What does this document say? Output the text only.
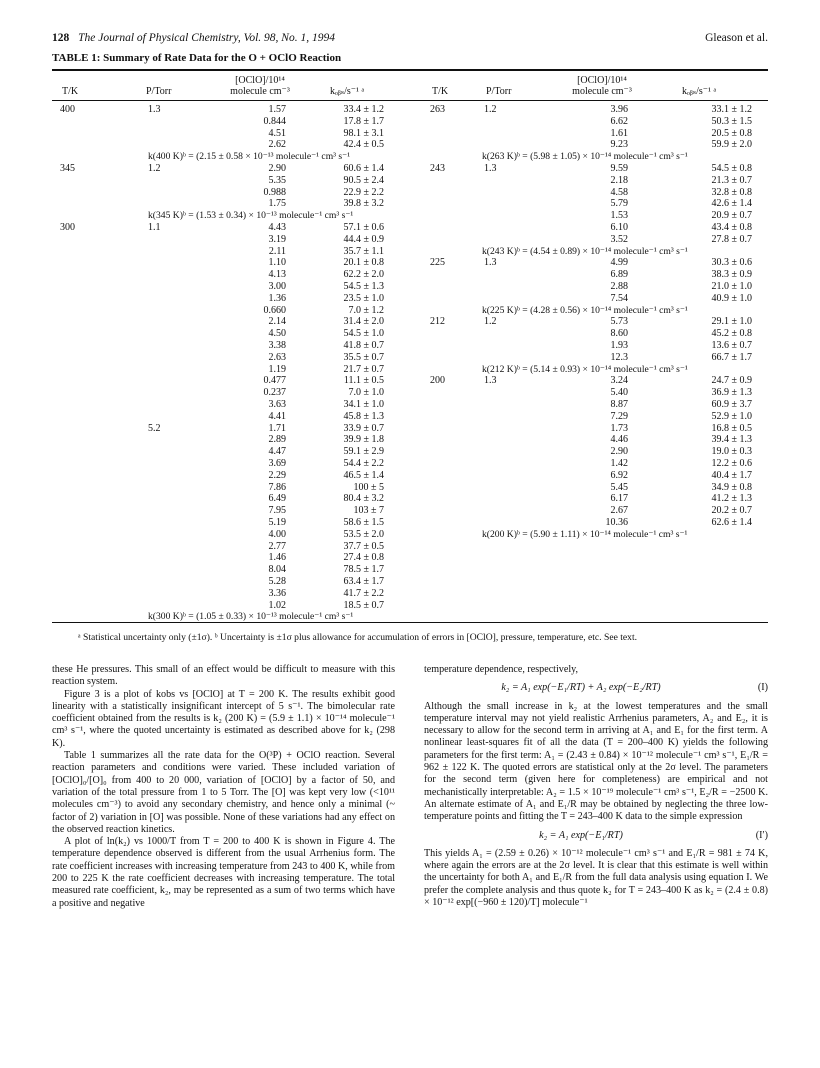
128 The Journal of Physical Chemistry, Vol. 98, No. 1, 1994	Gleason et al.
TABLE 1: Summary of Rate Data for the O + OClO Reaction
T/K	P/Torr
[OClO]/10¹⁴ molecule cm⁻³	kₒᵦₛ/s⁻¹ ᵃ	T/K	P/Torr
[OClO]/10¹⁴ molecule cm⁻³	kₒᵦₛ/s⁻¹ ᵃ
400	1.3	1.57	33.4 ± 1.2
0.844	17.8 ± 1.7
4.51	98.1 ± 3.1
2.62	42.4 ± 0.5
k(400 K)ᵇ = (2.15 ± 0.58 × 10⁻¹³ molecule⁻¹ cm³ s⁻¹
345	1.2	2.90	60.6 ± 1.4
5.35	90.5 ± 2.4
0.988	22.9 ± 2.2
1.75	39.8 ± 3.2
k(345 K)ᵇ = (1.53 ± 0.34) × 10⁻¹³ molecule⁻¹ cm³ s⁻¹
300	1.1	4.43	57.1 ± 0.6
3.19	44.4 ± 0.9
2.11	35.7 ± 1.1
1.10	20.1 ± 0.8
4.13	62.2 ± 2.0
3.00	54.5 ± 1.3
1.36	23.5 ± 1.0
0.660	7.0 ± 1.2
2.14	31.4 ± 2.0
4.50	54.5 ± 1.0
3.38	41.8 ± 0.7
2.63	35.5 ± 0.7
1.19	21.7 ± 0.7
0.477	11.1 ± 0.5
0.237	7.0 ± 1.0
3.63	34.1 ± 1.0
4.41	45.8 ± 1.3
5.2	1.71	33.9 ± 0.7
2.89	39.9 ± 1.8
4.47	59.1 ± 2.9
3.69	54.4 ± 2.2
2.29	46.5 ± 1.4
7.86	100 ± 5
6.49	80.4 ± 3.2
7.95	103 ± 7
5.19	58.6 ± 1.5
4.00	53.5 ± 2.0
2.77	37.7 ± 0.5
1.46	27.4 ± 0.8
8.04	78.5 ± 1.7
5.28	63.4 ± 1.7
3.36	41.7 ± 2.2
1.02	18.5 ± 0.7
k(300 K)ᵇ = (1.05 ± 0.33) × 10⁻¹³ molecule⁻¹ cm³ s⁻¹
263	1.2	3.96	33.1 ± 1.2
6.62	50.3 ± 1.5
1.61	20.5 ± 0.8
9.23	59.9 ± 2.0
k(263 K)ᵇ = (5.98 ± 1.05) × 10⁻¹⁴ molecule⁻¹ cm³ s⁻¹
243	1.3	9.59	54.5 ± 0.8
2.18	21.3 ± 0.7
4.58	32.8 ± 0.8
5.79	42.6 ± 1.4
1.53	20.9 ± 0.7
6.10	43.4 ± 0.8
3.52	27.8 ± 0.7
k(243 K)ᵇ = (4.54 ± 0.89) × 10⁻¹⁴ molecule⁻¹ cm³ s⁻¹
225	1.3	4.99	30.3 ± 0.6
6.89	38.3 ± 0.9
2.88	21.0 ± 1.0
7.54	40.9 ± 1.0
k(225 K)ᵇ = (4.28 ± 0.56) × 10⁻¹⁴ molecule⁻¹ cm³ s⁻¹
212	1.2	5.73	29.1 ± 1.0
8.60	45.2 ± 0.8
1.93	13.6 ± 0.7
12.3	66.7 ± 1.7
k(212 K)ᵇ = (5.14 ± 0.93) × 10⁻¹⁴ molecule⁻¹ cm³ s⁻¹
200	1.3	3.24	24.7 ± 0.9
5.40	36.9 ± 1.3
8.87	60.9 ± 3.7
7.29	52.9 ± 1.0
1.73	16.8 ± 0.5
4.46	39.4 ± 1.3
2.90	19.0 ± 0.3
1.42	12.2 ± 0.6
6.92	40.4 ± 1.7
5.45	34.9 ± 0.8
6.17	41.2 ± 1.3
2.67	20.2 ± 0.7
10.36	62.6 ± 1.4
k(200 K)ᵇ = (5.90 ± 1.11) × 10⁻¹⁴ molecule⁻¹ cm³ s⁻¹
ᵃ Statistical uncertainty only (±1σ). ᵇ Uncertainty is ±1σ plus allowance for accumulation of errors in [OClO], pressure, temperature, etc. See text.

these He pressures. This small of an effect would be difficult to measure with this reaction system.

Figure 3 is a plot of kobs vs [OClO] at T = 200 K. The results exhibit good linearity with a statistically insignificant intercept of 5 s⁻¹. The bimolecular rate coefficient obtained from the results is k₂ (200 K) = (5.9 ± 1.1) × 10⁻¹⁴ molecule⁻¹ cm³ s⁻¹, where the quoted uncertainty is estimated as described above for k₂ (298 K).

Table 1 summarizes all the rate data for the O(³P) + OClO reaction. Several reaction parameters and conditions were varied. These included variation of [OClO]₀/[O]₀ from 400 to 20 000, variation of [OClO] by a factor of 50, and variation of the total pressure from 1 to 5 Torr. The [O] was kept very low (<10¹¹ molecules cm⁻³) to avoid any secondary chemistry, and hence only a minimal (~ factor of 2) variation in [O] was possible. None of these variations had any effect on the observed reaction kinetics.

A plot of ln(k₂) vs 1000/T from T = 200 to 400 K is shown in Figure 4. The temperature dependence observed is different from the usual Arrhenius form. The rate coefficient increases with increasing temperature from 243 to 400 K, while from 200 to 225 K the rate coefficient decreases with increasing temperature. The total measured rate coefficient, k₂, may be represented as a sum of two terms which have a positive and negative

temperature dependence, respectively,

k₂ = A₁ exp(−E₁/RT) + A₂ exp(−E₂/RT)	(I)

Although the small increase in k₂ at the lowest temperatures and the small temperature interval may not yield realistic Arrhenius parameters, A₂ and E₂, it is necessary to allow for the second term in arriving at A₁ and E₁ for the first term. A nonlinear least-squares fit of all the data (T = 200–400 K) yields the following parameters for the first term: A₁ = (2.43 ± 0.84) × 10⁻¹² molecule⁻¹ cm³ s⁻¹, E₁/R = 962 ± 122 K. The quoted errors are statistical only at the 2σ level. The parameters for the second term (given here for completeness) are empirical and not mechanistically interpretable: A₂ = 1.5 × 10⁻¹⁹ molecule⁻¹ cm³ s⁻¹, E₂/R = −2500 K. An alternate estimate of A₁ and E₁/R may be obtained by neglecting the three low-temperature points and fitting the T = 243–400 K data to the simple expression

k₂ = A₁ exp(−E₁/RT)	(I′)

This yields A₁ = (2.59 ± 0.26) × 10⁻¹² molecule⁻¹ cm³ s⁻¹ and E₁/R = 981 ± 74 K, where again the errors are at the 2σ level. It is clear that this estimate is well within the uncertainty for both A₁ and E₁/R from the full data analysis using equation I. We prefer the complete analysis and thus quote k₂ for T = 243–400 K as k₂ = (2.4 ± 0.8) × 10⁻¹² exp[(−960 ± 120)/T] molecule⁻¹
